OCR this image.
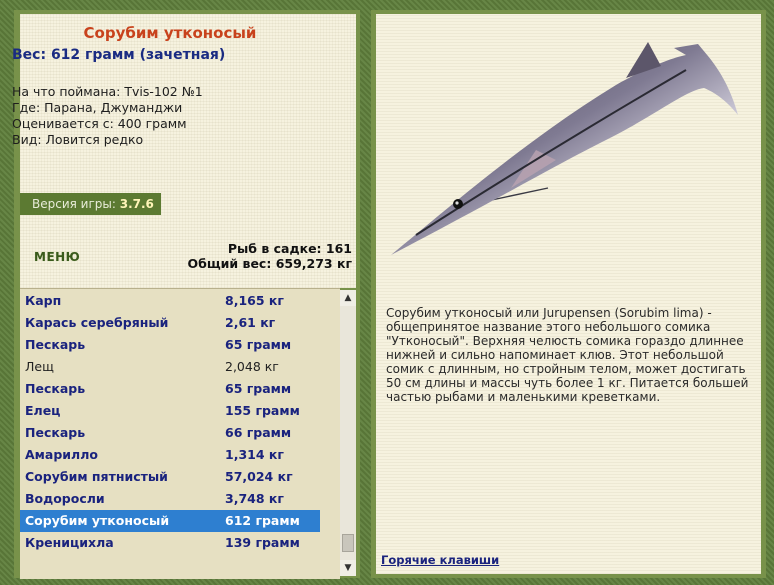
Сорубим утконосый
Вес: 612 грамм (зачетная)
На что поймана: Tvis-102 №1
Где: Парана, Джуманджи
Оценивается с: 400 грамм
Вид: Ловится редко
Версия игры: 3.7.6
МЕНЮ
Рыб в садке: 161
Общий вес: 659,273 кг
Карп	8,165 кг
Карась серебряный	2,61 кг
Пескарь	65 грамм
Лещ	2,048 кг
Пескарь	65 грамм
Елец	155 грамм
Пескарь	66 грамм
Амарилло	1,314 кг
Сорубим пятнистый	57,024 кг
Водоросли	3,748 кг
Сорубим утконосый	612 грамм
Креницихла	139 грамм
▲
▼
Сорубим утконосый или Jurupensen (Sorubim lima) - общепринятое название этого небольшого сомика "Утконосый". Верхняя челюсть сомика гораздо длиннее нижней и сильно напоминает клюв. Этот небольшой сомик с длинным, но стройным телом, может достигать 50 см длины и массы чуть более 1 кг. Питается большей частью рыбами и маленькими креветками.
Горячие клавиши
